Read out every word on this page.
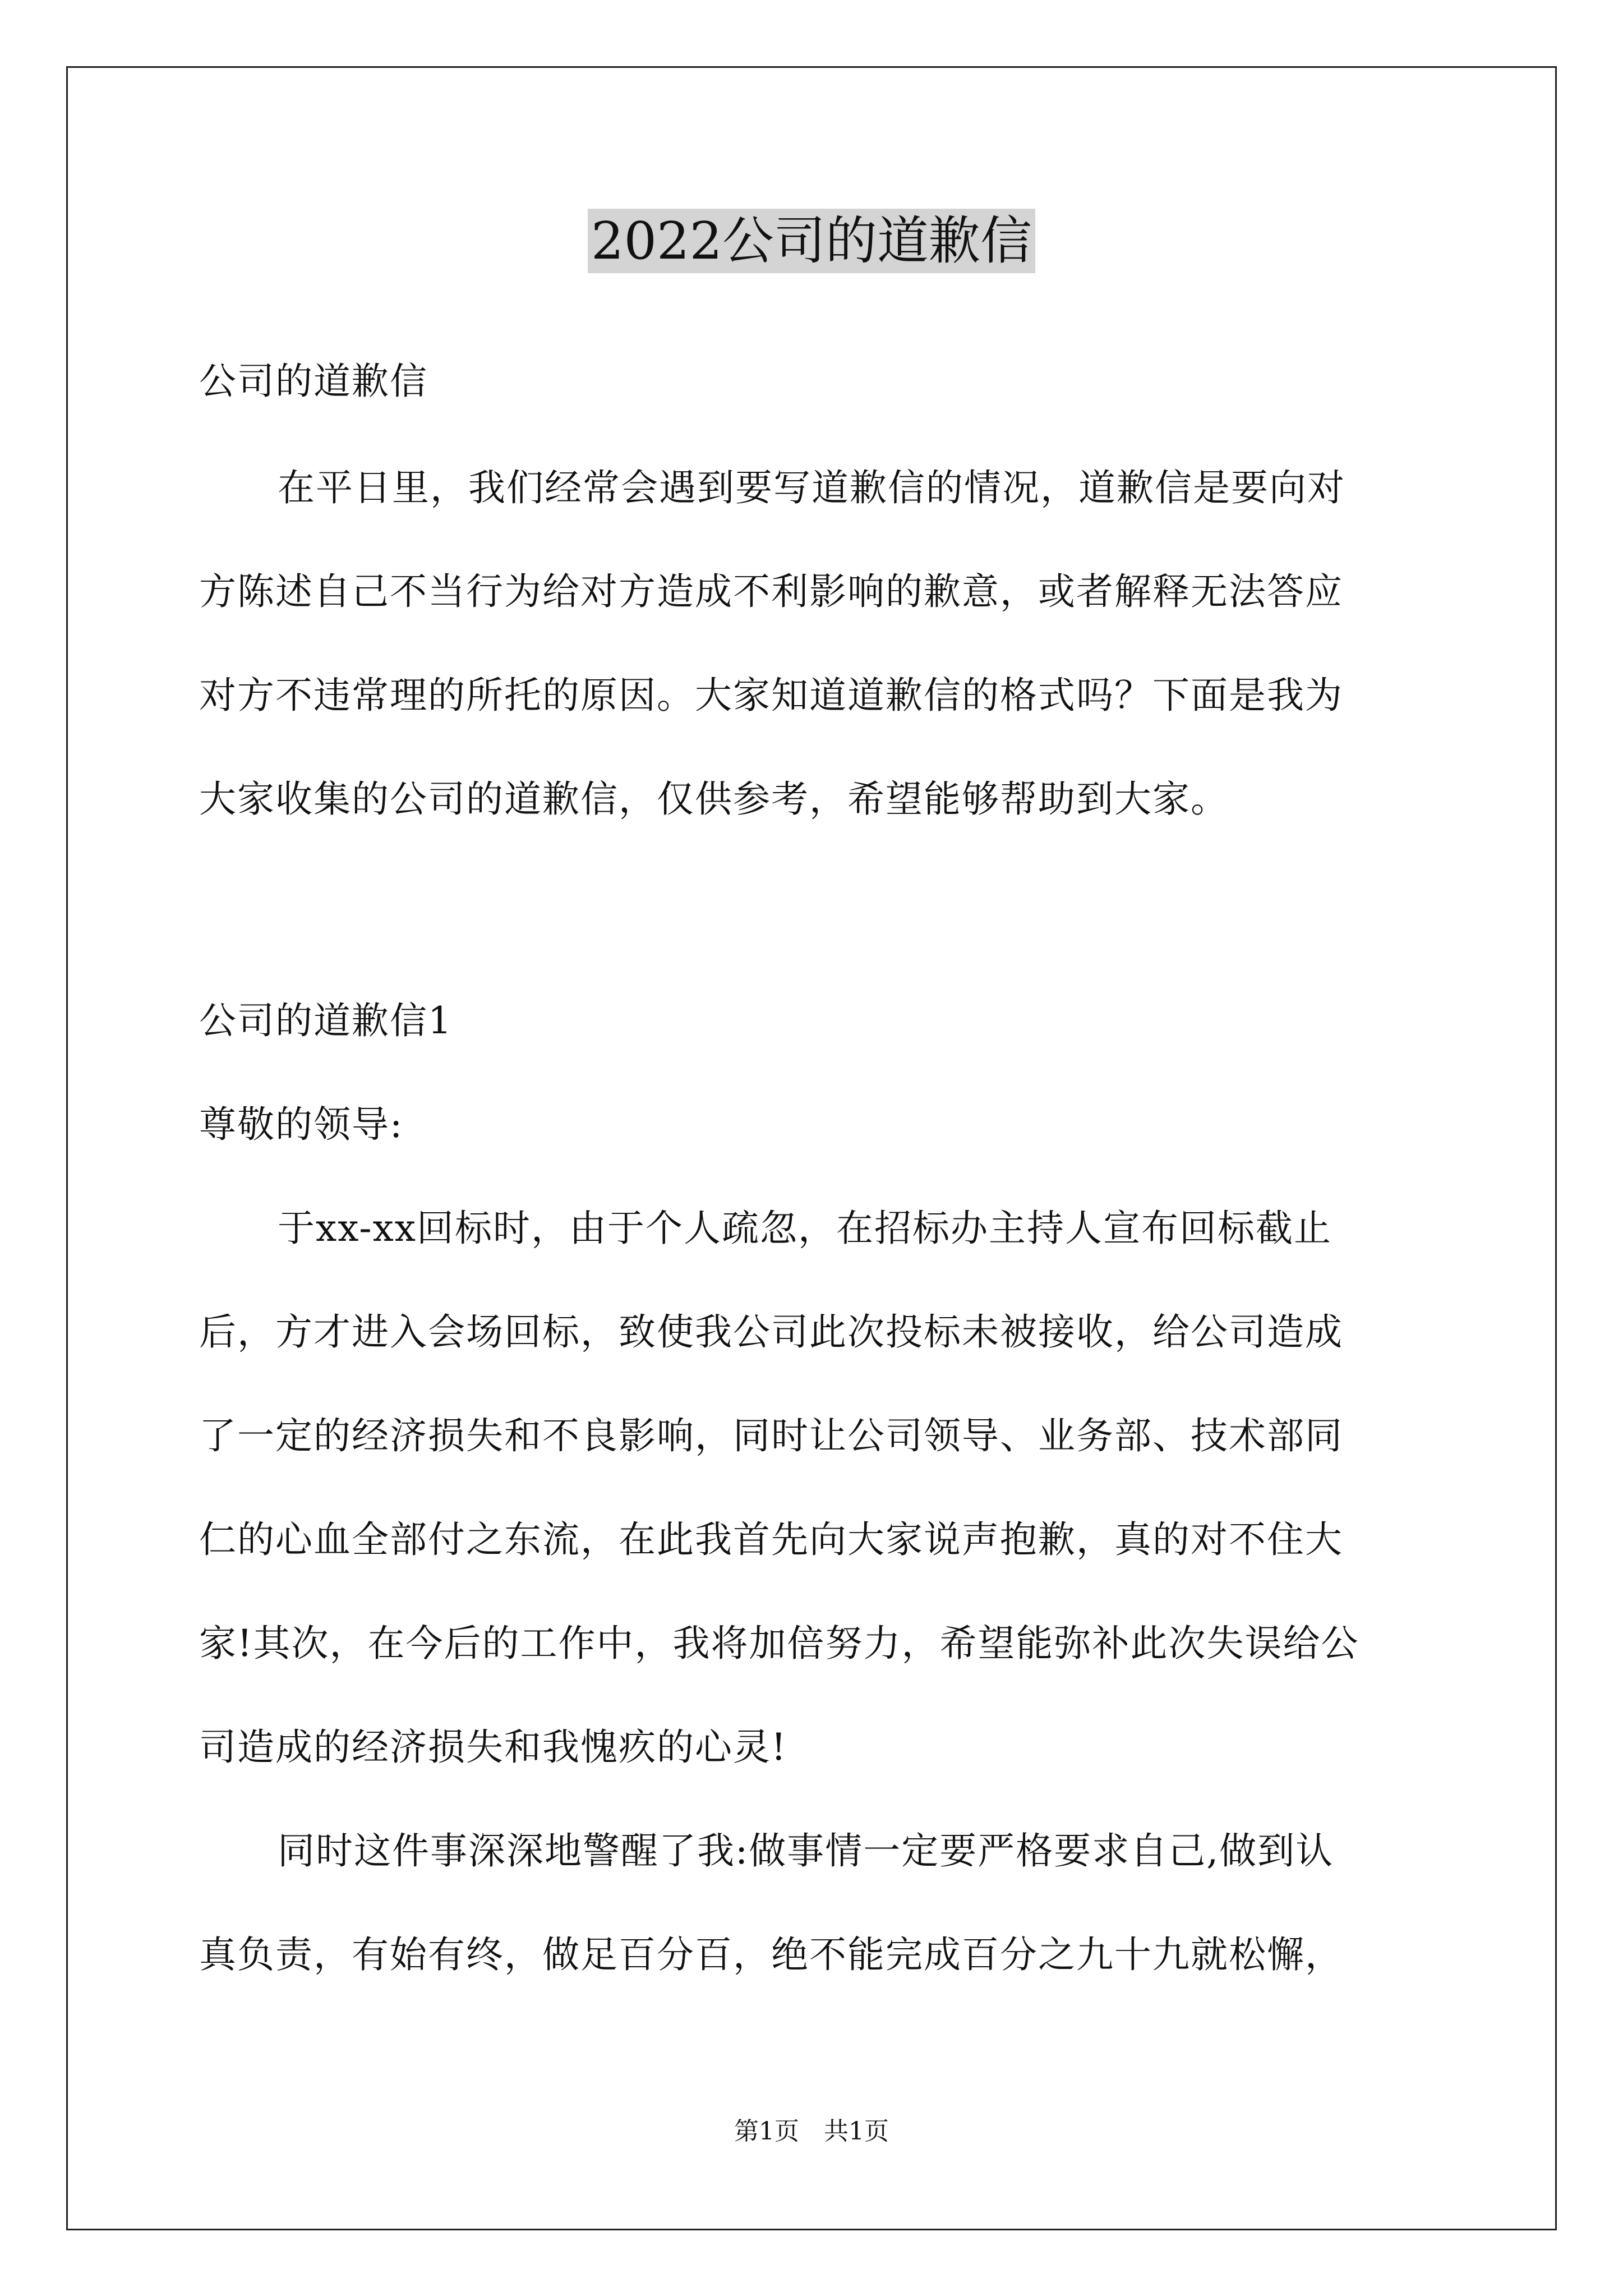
2022公司的道歉信
公司的道歉信
在平日里，我们经常会遇到要写道歉信的情况，道歉信是要向对
方陈述自己不当行为给对方造成不利影响的歉意，或者解释无法答应
对方不违常理的所托的原因。大家知道道歉信的格式吗？下面是我为
大家收集的公司的道歉信，仅供参考，希望能够帮助到大家。
公司的道歉信1
尊敬的领导:
于xx-xx回标时，由于个人疏忽，在招标办主持人宣布回标截止
后，方才进入会场回标，致使我公司此次投标未被接收，给公司造成
了一定的经济损失和不良影响，同时让公司领导、业务部、技术部同
仁的心血全部付之东流，在此我首先向大家说声抱歉，真的对不住大
家!其次，在今后的工作中，我将加倍努力，希望能弥补此次失误给公
司造成的经济损失和我愧疚的心灵!
同时这件事深深地警醒了我:做事情一定要严格要求自己,做到认
真负责，有始有终，做足百分百，绝不能完成百分之九十九就松懈，
第1页　共1页
